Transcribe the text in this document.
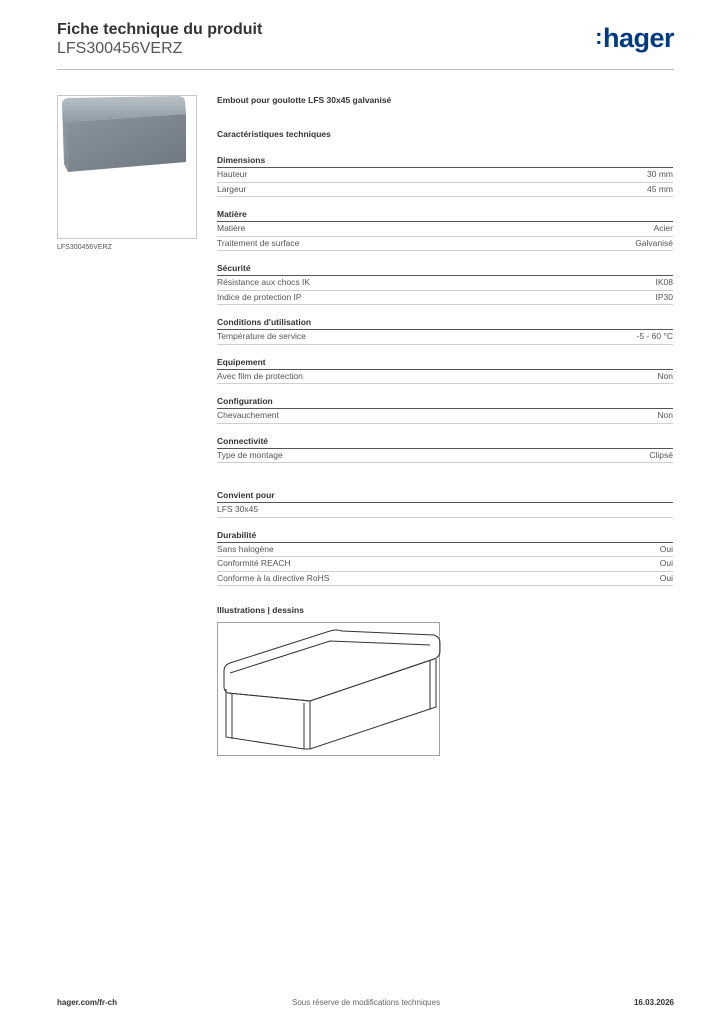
Fiche technique du produit
LFS300456VERZ	:hager
LFS300456VERZ
Embout pour goulotte LFS 30x45 galvanisé
Caractéristiques techniques
Dimensions
Hauteur	30 mm
Largeur	45 mm
Matière
Matière	Acier
Traitement de surface	Galvanisé
Sécurité
Résistance aux chocs IK	IK08
Indice de protection IP	IP30
Conditions d'utilisation
Température de service	-5 - 60 °C
Equipement
Avec film de protection	Non
Configuration
Chevauchement	Non
Connectivité
Type de montage	Clipsé
Convient pour
LFS 30x45
Durabilité
Sans halogène	Oui
Conformité REACH	Oui
Conforme à la directive RoHS	Oui
Illustrations | dessins
hager.com/fr-ch	Sous réserve de modifications techniques	16.03.2026
